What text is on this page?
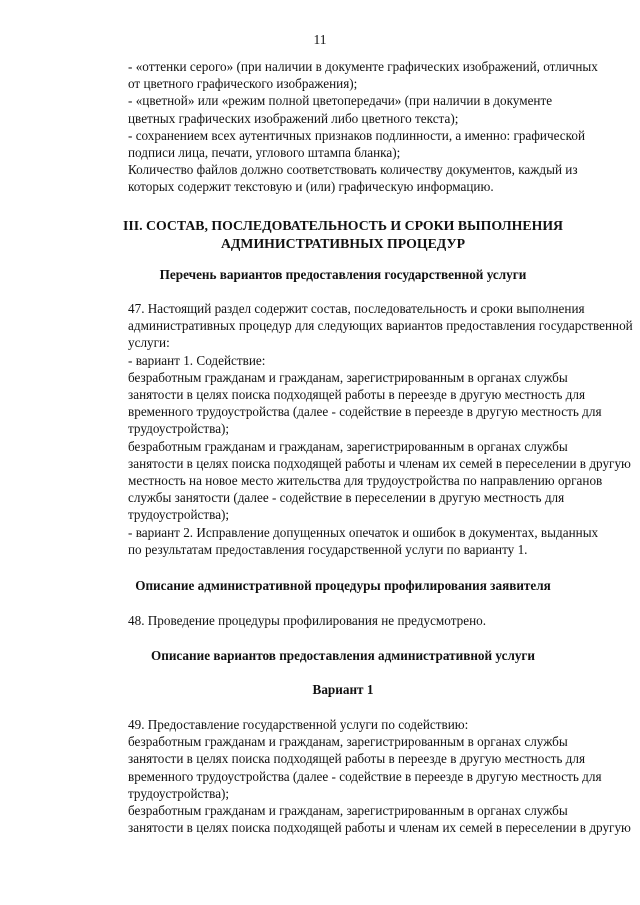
11

- «оттенки серого» (при наличии в документе графических изображений, отличных
от цветного графического изображения);

- «цветной» или «режим полной цветопередачи» (при наличии в документе
цветных графических изображений либо цветного текста);

- сохранением всех аутентичных признаков подлинности, а именно: графической
подписи лица, печати, углового штампа бланка);

Количество файлов должно соответствовать количеству документов, каждый из
которых содержит текстовую и (или) графическую информацию.

III. СОСТАВ, ПОСЛЕДОВАТЕЛЬНОСТЬ И СРОКИ ВЫПОЛНЕНИЯ
АДМИНИСТРАТИВНЫХ ПРОЦЕДУР
Перечень вариантов предоставления государственной услуги

47. Настоящий раздел содержит состав, последовательность и сроки выполнения
административных процедур для следующих вариантов предоставления государственной
услуги:

- вариант 1. Содействие:

безработным гражданам и гражданам, зарегистрированным в органах службы
занятости в целях поиска подходящей работы в переезде в другую местность для
временного трудоустройства (далее - содействие в переезде в другую местность для
трудоустройства);

безработным гражданам и гражданам, зарегистрированным в органах службы
занятости в целях поиска подходящей работы и членам их семей в переселении в другую
местность на новое место жительства для трудоустройства по направлению органов
службы занятости (далее - содействие в переселении в другую местность для
трудоустройства);

- вариант 2. Исправление допущенных опечаток и ошибок в документах, выданных
по результатам предоставления государственной услуги по варианту 1.

Описание административной процедуры профилирования заявителя

48. Проведение процедуры профилирования не предусмотрено.

Описание вариантов предоставления административной услуги
Вариант 1

49. Предоставление государственной услуги по содействию:

безработным гражданам и гражданам, зарегистрированным в органах службы
занятости в целях поиска подходящей работы в переезде в другую местность для
временного трудоустройства (далее - содействие в переезде в другую местность для
трудоустройства);

безработным гражданам и гражданам, зарегистрированным в органах службы
занятости в целях поиска подходящей работы и членам их семей в переселении в другую
